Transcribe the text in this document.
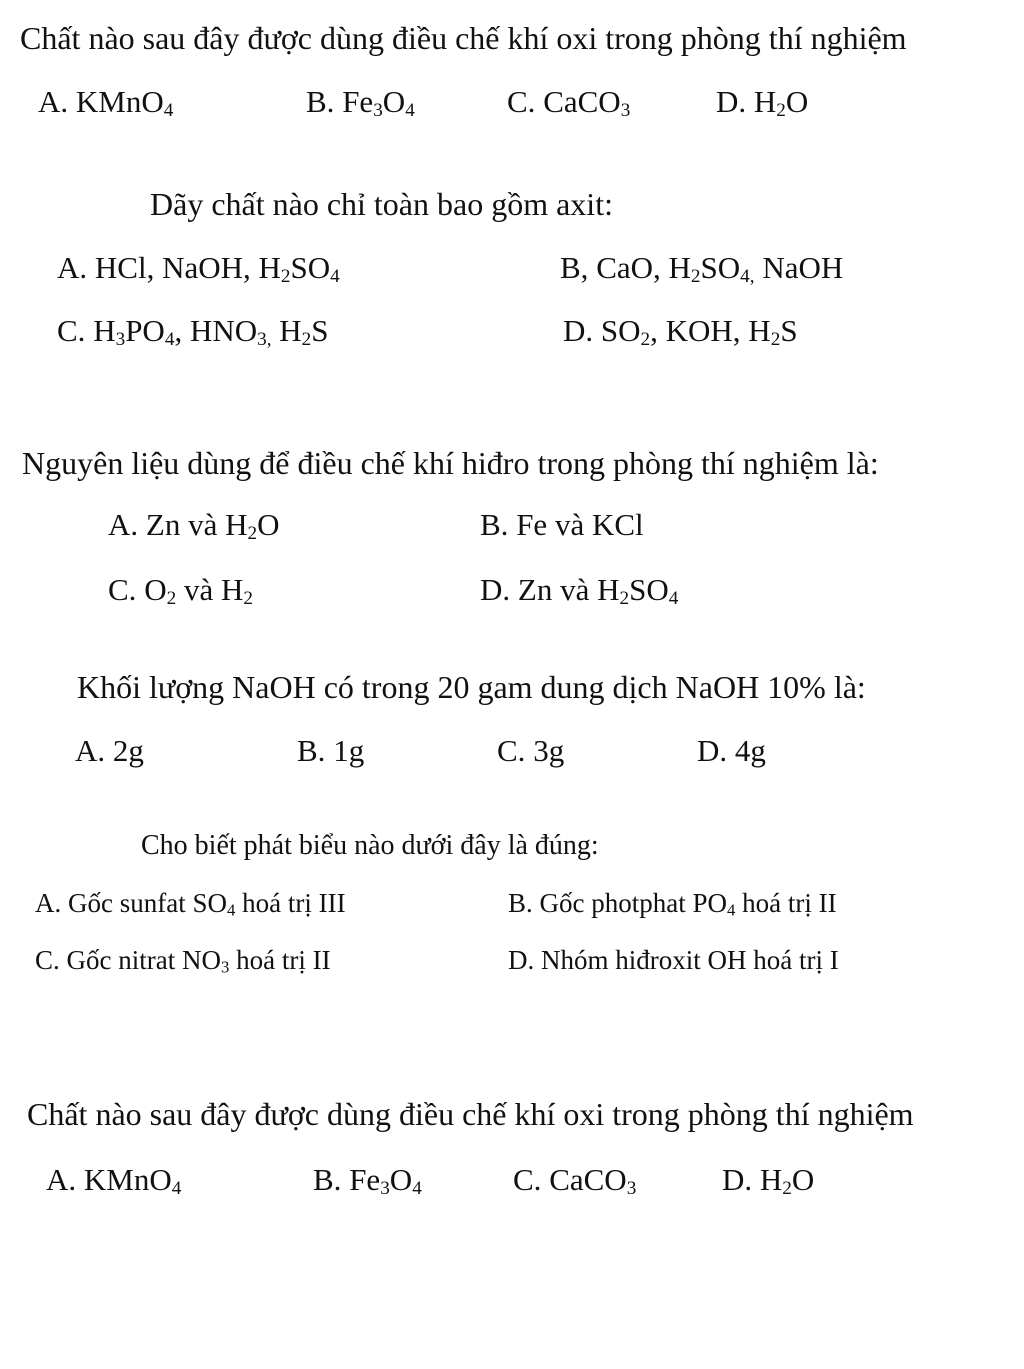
Chất nào sau đây được dùng điều chế khí oxi trong phòng thí nghiệm
A. KMnO$_4$	B. $Fe_3O_4$	C. CaCO$_3$	D. $H_2O$
Dãy chất nào chỉ toàn bao gồm axit:
A. HCl, NaOH, $H_2SO_4$	B, CaO, $H_2SO_{4,}$ NaOH
C. $H_3PO_4$, $HNO_{3,}$ $H_2S$	D. $SO_2$, KOH, $H_2S$
Nguyên liệu dùng để điều chế khí hiđro trong phòng thí nghiệm là:
A. Zn và $H_2O$	B. Fe và KCl
C. $O_2$ và $H_2$	D. Zn và $H_2SO_4$
Khối lượng NaOH có trong 20 gam dung dịch NaOH 10% là:
A. 2g	B. 1g	C. 3g	D. 4g
Cho biết phát biểu nào dưới đây là đúng:
A. Gốc sunfat $SO_4$ hoá trị III	B. Gốc photphat $PO_4$ hoá trị II
C. Gốc nitrat $NO_3$ hoá trị II	D. Nhóm hiđroxit OH hoá trị I
Chất nào sau đây được dùng điều chế khí oxi trong phòng thí nghiệm
A. KMnO$_4$	B. $Fe_3O_4$	C. CaCO$_3$	D. $H_2O$
